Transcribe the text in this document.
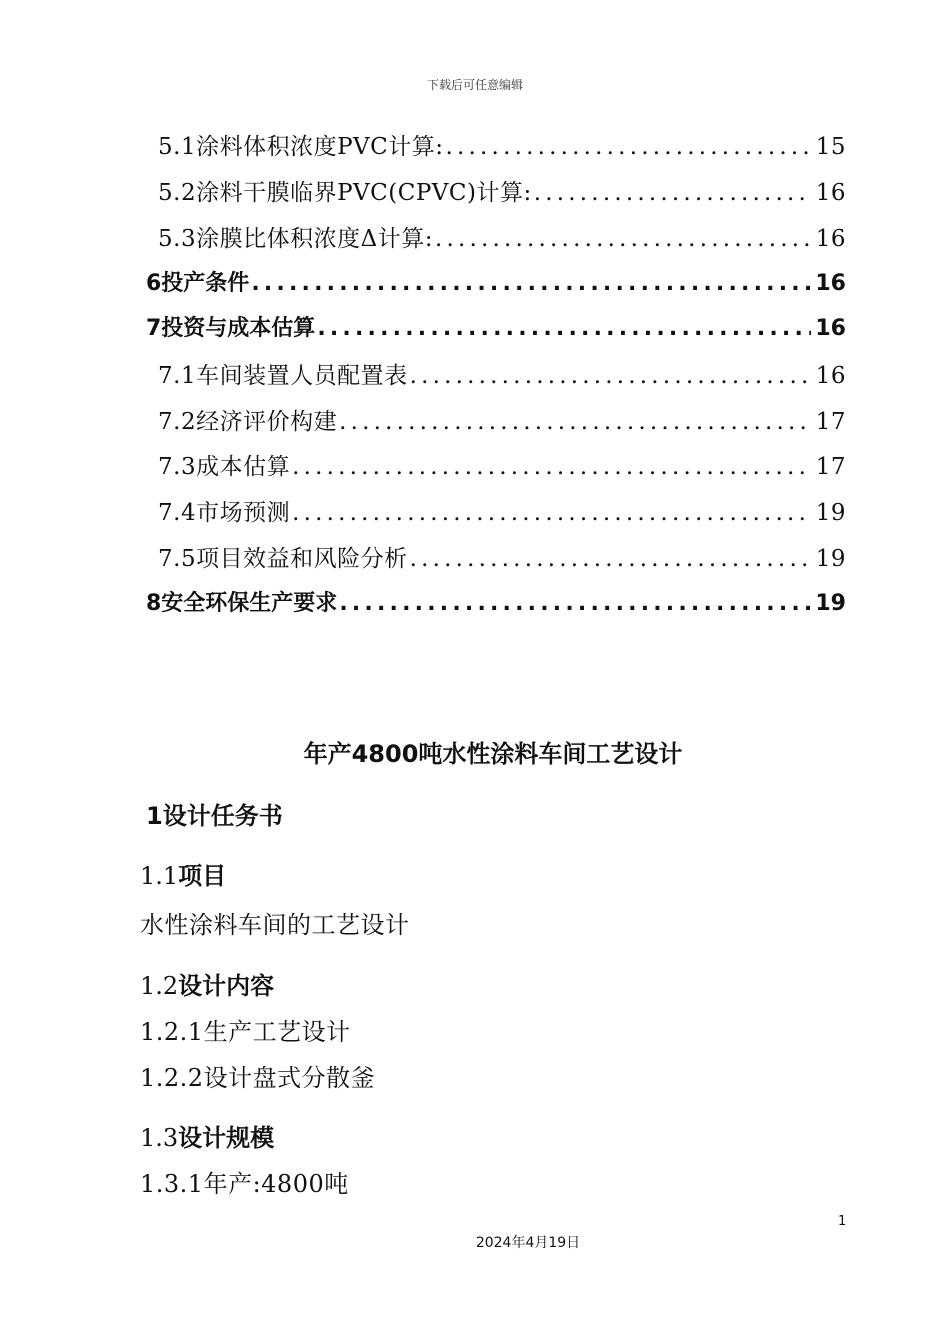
下载后可任意编辑
5.1涂料体积浓度PVC计算: .....	15
5.2涂料干膜临界PVC(CPVC)计算: .....	16
5.3涂膜比体积浓度Δ计算: .....	16
6投产条件 .....	16
7投资与成本估算 .....	16
7.1车间装置人员配置表 .....	16
7.2经济评价构建 .....	17
7.3成本估算 .....	17
7.4市场预测 .....	19
7.5项目效益和风险分析 .....	19
8安全环保生产要求 .....	19
年产4800吨水性涂料车间工艺设计
1设计任务书
1.1项目
水性涂料车间的工艺设计
1.2设计内容
1.2.1生产工艺设计
1.2.2设计盘式分散釜
1.3设计规模
1.3.1年产:4800吨
1
2024年4月19日
